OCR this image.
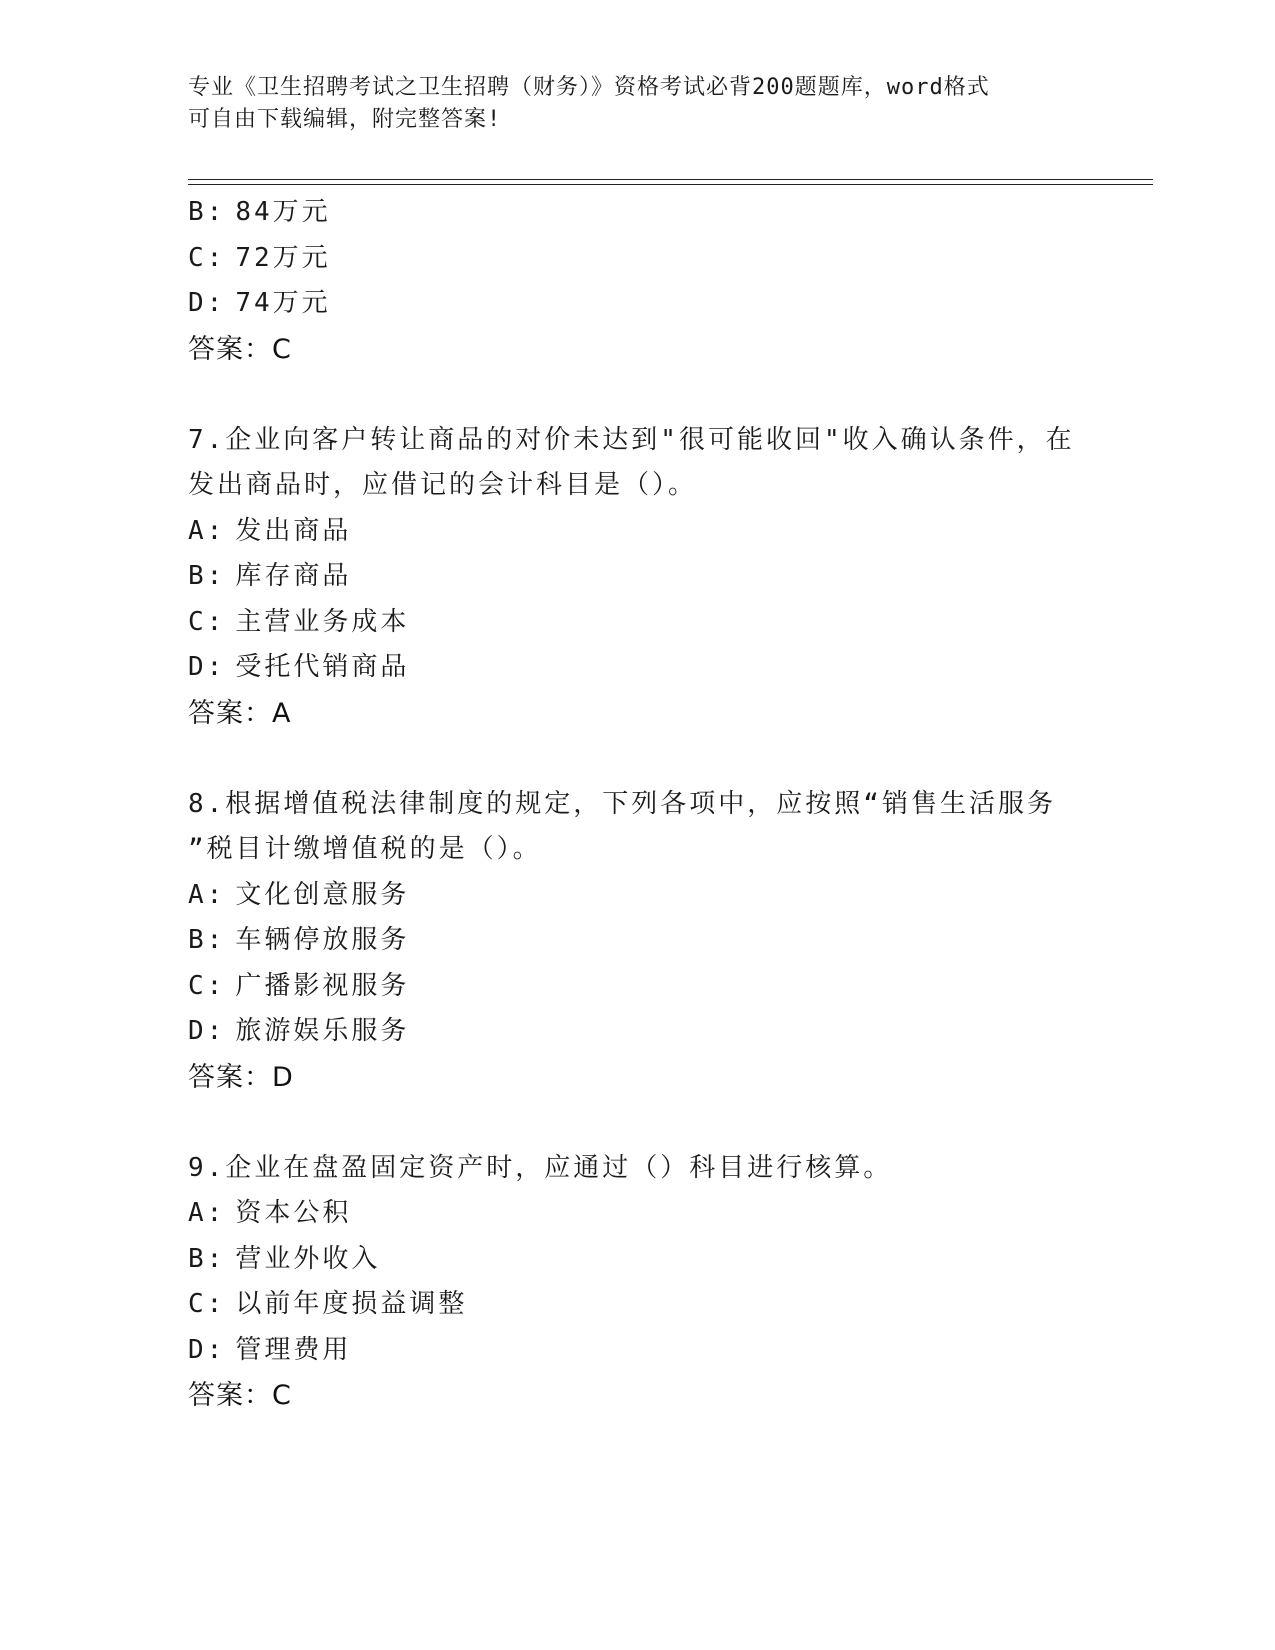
专业《卫生招聘考试之卫生招聘（财务）》资格考试必背200题题库，word格式
可自由下载编辑，附完整答案!
B: 84万元
C: 72万元
D: 74万元
答案：C
7.企业向客户转让商品的对价未达到"很可能收回"收入确认条件，在
发出商品时，应借记的会计科目是（）。
A: 发出商品
B: 库存商品
C: 主营业务成本
D: 受托代销商品
答案：A
8.根据增值税法律制度的规定，下列各项中，应按照“销售生活服务
”税目计缴增值税的是（）。
A: 文化创意服务
B: 车辆停放服务
C: 广播影视服务
D: 旅游娱乐服务
答案：D
9.企业在盘盈固定资产时，应通过（）科目进行核算。
A: 资本公积
B: 营业外收入
C: 以前年度损益调整
D: 管理费用
答案：C
